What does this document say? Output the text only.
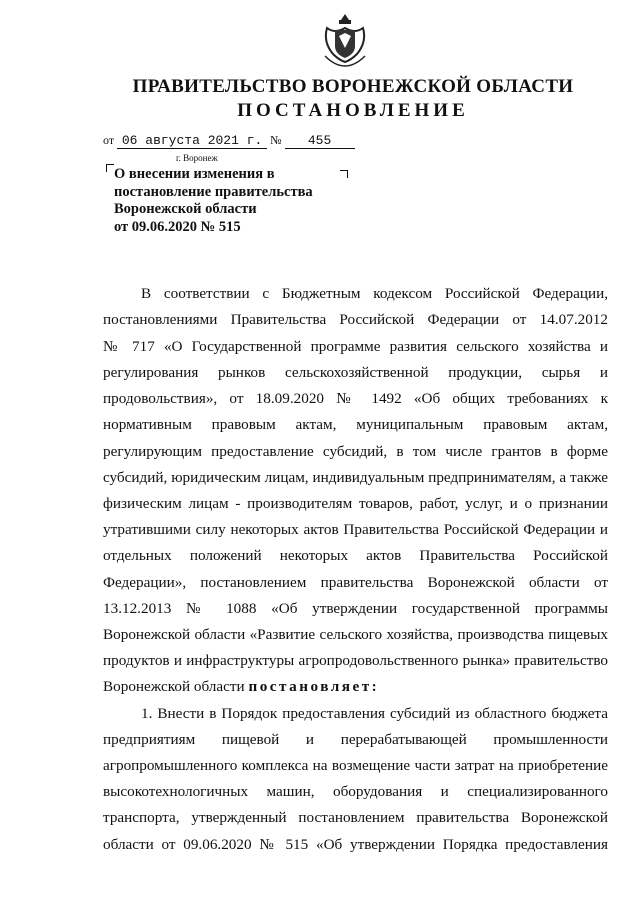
ПРАВИТЕЛЬСТВО ВОРОНЕЖСКОЙ ОБЛАСТИ
ПОСТАНОВЛЕНИЕ
от 06 августа 2021 г. № 455
г. Воронеж
О внесении изменения в
постановление правительства
Воронежской области
от 09.06.2020 № 515
В соответствии с Бюджетным кодексом Российской Федерации,
постановлениями Правительства Российской Федерации от 14.07.2012
№ 717 «О Государственной программе развития сельского хозяйства и
регулирования рынков сельскохозяйственной продукции, сырья и
продовольствия», от 18.09.2020 № 1492 «Об общих требованиях к
нормативным правовым актам, муниципальным правовым актам,
регулирующим предоставление субсидий, в том числе грантов в форме
субсидий, юридическим лицам, индивидуальным предпринимателям, а также
физическим лицам - производителям товаров, работ, услуг, и о признании
утратившими силу некоторых актов Правительства Российской Федерации и
отдельных положений некоторых актов Правительства Российской
Федерации», постановлением правительства Воронежской области от
13.12.2013 № 1088 «Об утверждении государственной программы
Воронежской области «Развитие сельского хозяйства, производства пищевых
продуктов и инфраструктуры агропродовольственного рынка» правительство
Воронежской области постановляет:
1. Внести в Порядок предоставления субсидий из областного бюджета
предприятиям пищевой и перерабатывающей промышленности
агропромышленного комплекса на возмещение части затрат на приобретение
высокотехнологичных машин, оборудования и специализированного
транспорта, утвержденный постановлением правительства Воронежской
области от 09.06.2020 № 515 «Об утверждении Порядка предоставления
